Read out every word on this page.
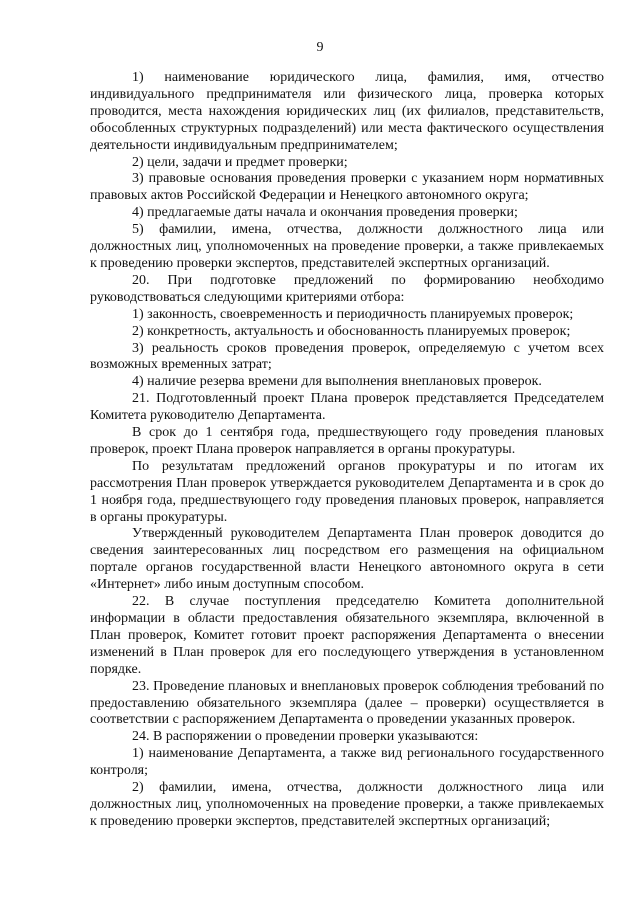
9

1) наименование юридического лица, фамилия, имя, отчество индивидуального предпринимателя или физического лица, проверка которых проводится, места нахождения юридических лиц (их филиалов, представительств, обособленных структурных подразделений) или места фактического осуществления деятельности индивидуальным предпринимателем;

2) цели, задачи и предмет проверки;

3) правовые основания проведения проверки с указанием норм нормативных правовых актов Российской Федерации и Ненецкого автономного округа;

4) предлагаемые даты начала и окончания проведения проверки;

5) фамилии, имена, отчества, должности должностного лица или должностных лиц, уполномоченных на проведение проверки, а также привлекаемых к проведению проверки экспертов, представителей экспертных организаций.

20. При подготовке предложений по формированию необходимо руководствоваться следующими критериями отбора:

1) законность, своевременность и периодичность планируемых проверок;

2) конкретность, актуальность и обоснованность планируемых проверок;

3) реальность сроков проведения проверок, определяемую с учетом всех возможных временных затрат;

4) наличие резерва времени для выполнения внеплановых проверок.

21. Подготовленный проект Плана проверок представляется Председателем Комитета руководителю Департамента.

В срок до 1 сентября года, предшествующего году проведения плановых проверок, проект Плана проверок направляется в органы прокуратуры.

По результатам предложений органов прокуратуры и по итогам их рассмотрения План проверок утверждается руководителем Департамента и в срок до 1 ноября года, предшествующего году проведения плановых проверок, направляется в органы прокуратуры.

Утвержденный руководителем Департамента План проверок доводится до сведения заинтересованных лиц посредством его размещения на официальном портале органов государственной власти Ненецкого автономного округа в сети «Интернет» либо иным доступным способом.

22. В случае поступления председателю Комитета дополнительной информации в области предоставления обязательного экземпляра, включенной в План проверок, Комитет готовит проект распоряжения Департамента о внесении изменений в План проверок для его последующего утверждения в установленном порядке.

23. Проведение плановых и внеплановых проверок соблюдения требований по предоставлению обязательного экземпляра (далее – проверки) осуществляется в соответствии с распоряжением Департамента о проведении указанных проверок.

24. В распоряжении о проведении проверки указываются:

1) наименование Департамента, а также вид регионального государственного контроля;

2) фамилии, имена, отчества, должности должностного лица или должностных лиц, уполномоченных на проведение проверки, а также привлекаемых к проведению проверки экспертов, представителей экспертных организаций;
